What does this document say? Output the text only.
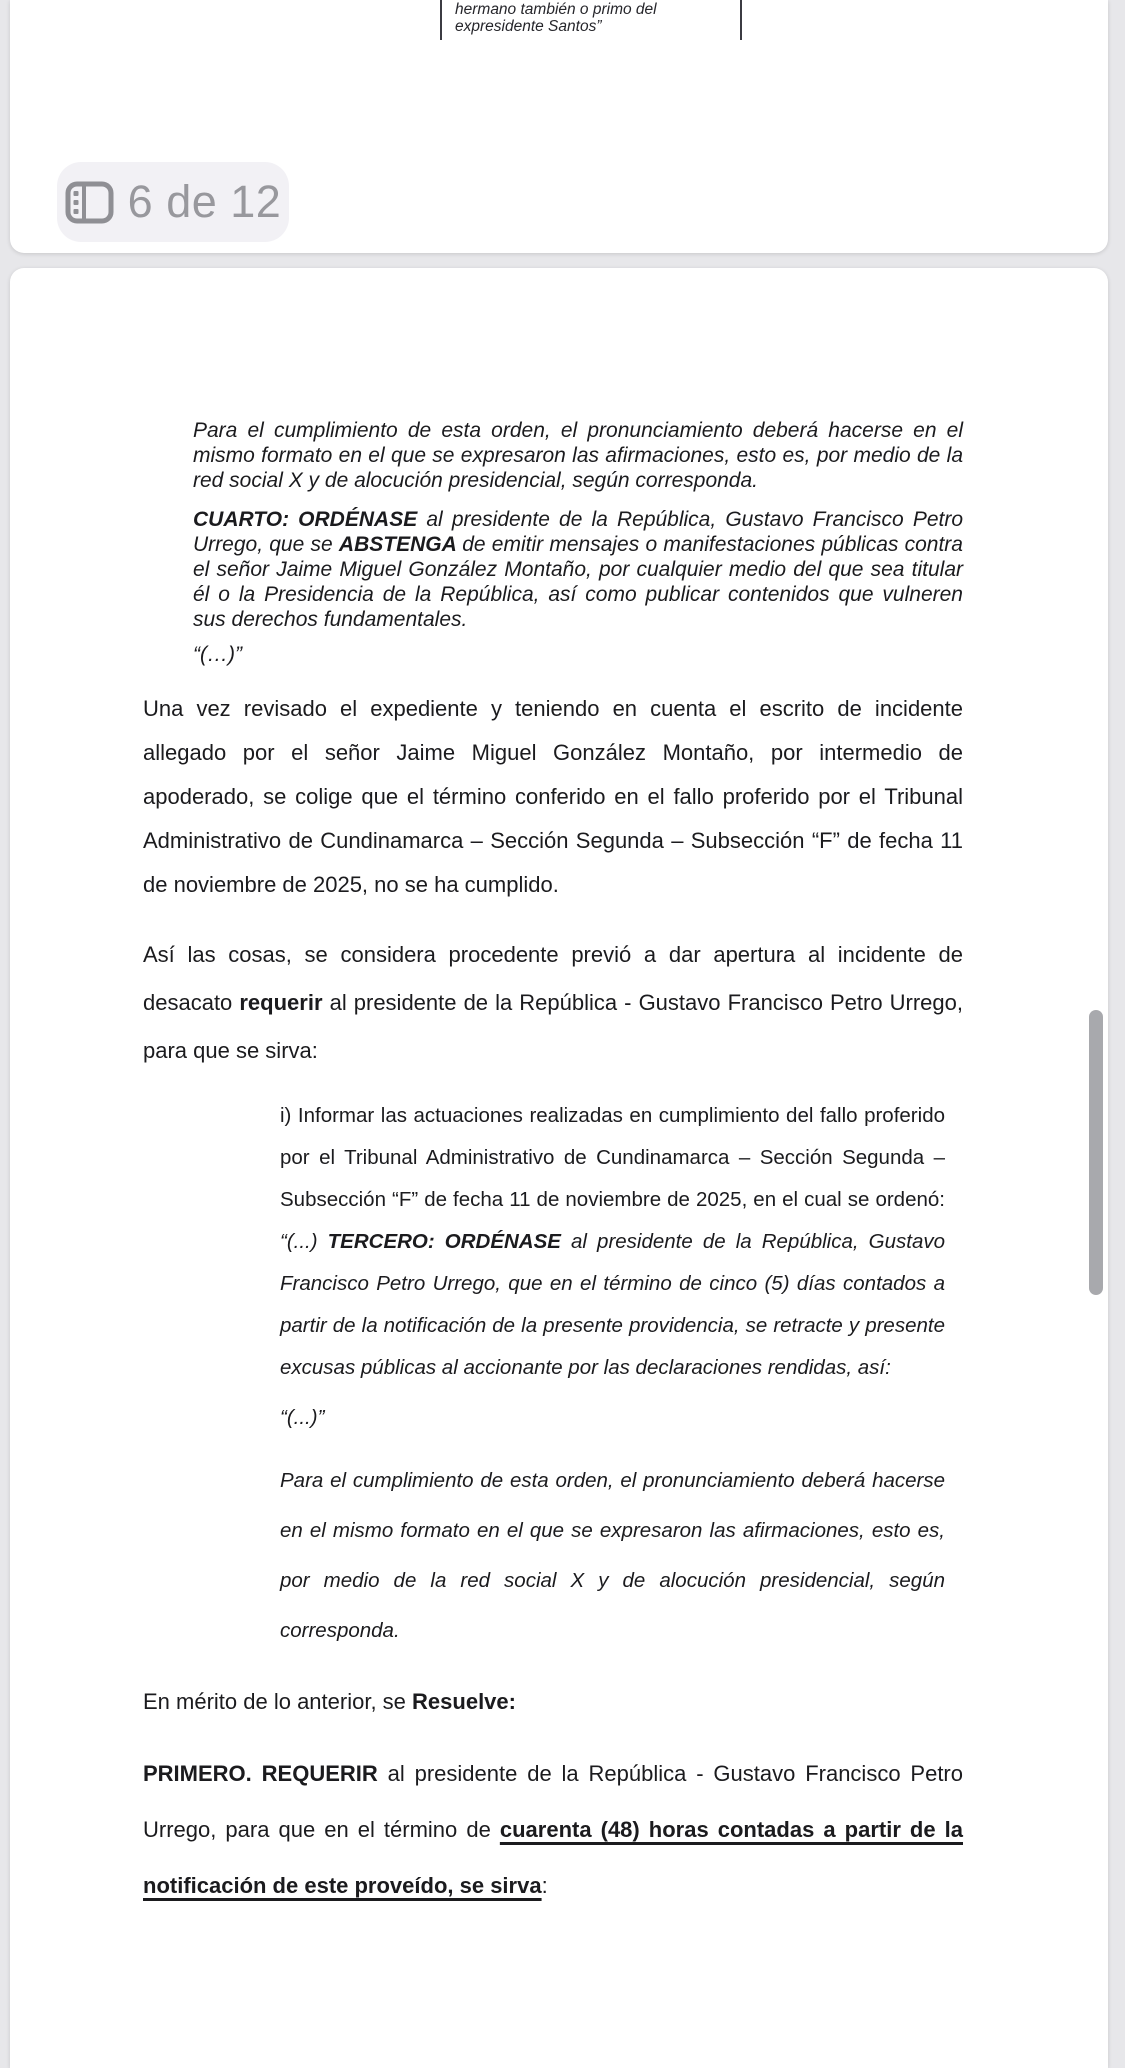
hermano también o primo del
expresidente Santos”
6 de 12

Para el cumplimiento de esta orden, el pronunciamiento deberá hacerse en el mismo formato en el que se expresaron las afirmaciones, esto es, por medio de la red social X y de alocución presidencial, según corresponda.

CUARTO: ORDÉNASE al presidente de la República, Gustavo Francisco Petro Urrego, que se ABSTENGA de emitir mensajes o manifestaciones públicas contra el señor Jaime Miguel González Montaño, por cualquier medio del que sea titular él o la Presidencia de la República, así como publicar contenidos que vulneren sus derechos fundamentales.

“(…)”

Una vez revisado el expediente y teniendo en cuenta el escrito de incidente allegado por el señor Jaime Miguel González Montaño, por intermedio de apoderado, se colige que el término conferido en el fallo proferido por el Tribunal Administrativo de Cundinamarca – Sección Segunda – Subsección “F” de fecha 11 de noviembre de 2025, no se ha cumplido.

Así las cosas, se considera procedente previó a dar apertura al incidente de desacato requerir al presidente de la República - Gustavo Francisco Petro Urrego, para que se sirva:

i) Informar las actuaciones realizadas en cumplimiento del fallo proferido por el Tribunal Administrativo de Cundinamarca – Sección Segunda – Subsección “F” de fecha 11 de noviembre de 2025, en el cual se ordenó: “(...) TERCERO: ORDÉNASE al presidente de la República, Gustavo Francisco Petro Urrego, que en el término de cinco (5) días contados a partir de la notificación de la presente providencia, se retracte y presente excusas públicas al accionante por las declaraciones rendidas, así:

“(...)”

Para el cumplimiento de esta orden, el pronunciamiento deberá hacerse en el mismo formato en el que se expresaron las afirmaciones, esto es, por medio de la red social X y de alocución presidencial, según corresponda.

En mérito de lo anterior, se Resuelve:

PRIMERO. REQUERIR al presidente de la República - Gustavo Francisco Petro Urrego, para que en el término de cuarenta (48) horas contadas a partir de la notificación de este proveído, se sirva:
